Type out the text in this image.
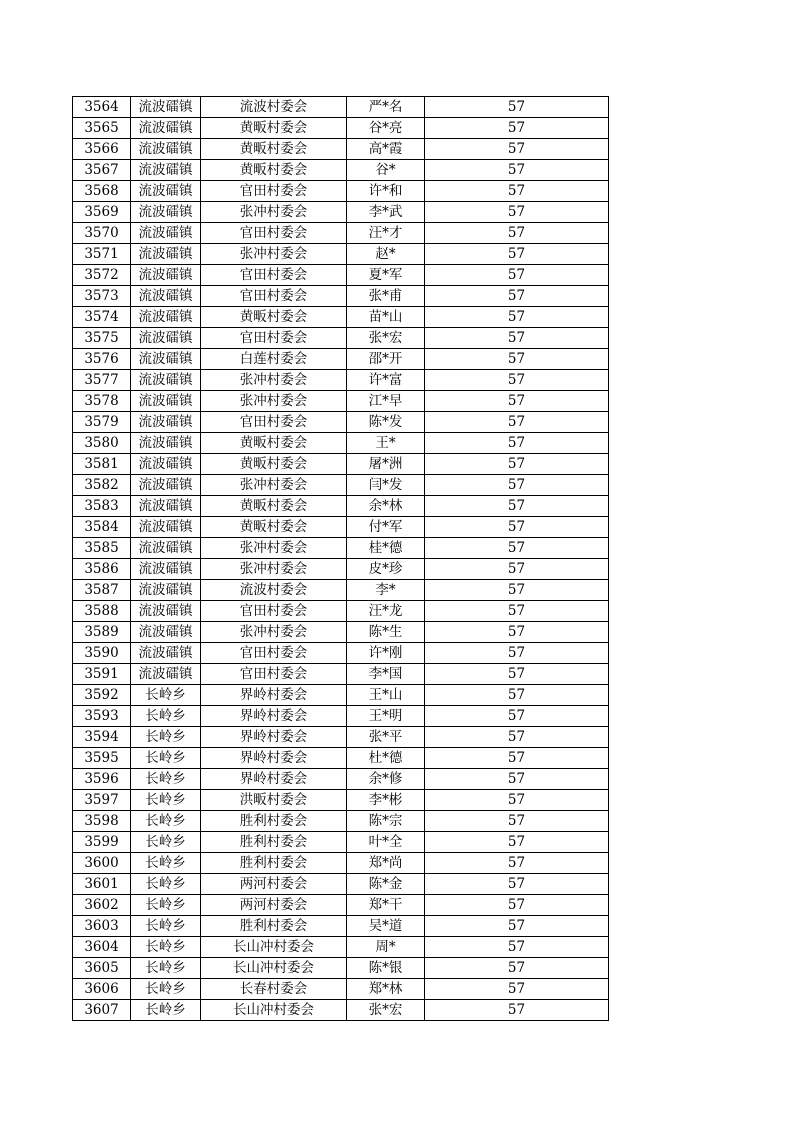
3564	流波礌镇	流波村委会	严*名	57
3565	流波礌镇	黄畈村委会	谷*亮	57
3566	流波礌镇	黄畈村委会	高*霞	57
3567	流波礌镇	黄畈村委会	谷*	57
3568	流波礌镇	官田村委会	许*和	57
3569	流波礌镇	张冲村委会	李*武	57
3570	流波礌镇	官田村委会	汪*才	57
3571	流波礌镇	张冲村委会	赵*	57
3572	流波礌镇	官田村委会	夏*军	57
3573	流波礌镇	官田村委会	张*甫	57
3574	流波礌镇	黄畈村委会	苗*山	57
3575	流波礌镇	官田村委会	张*宏	57
3576	流波礌镇	白莲村委会	邵*开	57
3577	流波礌镇	张冲村委会	许*富	57
3578	流波礌镇	张冲村委会	江*早	57
3579	流波礌镇	官田村委会	陈*发	57
3580	流波礌镇	黄畈村委会	王*	57
3581	流波礌镇	黄畈村委会	屠*洲	57
3582	流波礌镇	张冲村委会	闫*发	57
3583	流波礌镇	黄畈村委会	余*林	57
3584	流波礌镇	黄畈村委会	付*军	57
3585	流波礌镇	张冲村委会	桂*德	57
3586	流波礌镇	张冲村委会	皮*珍	57
3587	流波礌镇	流波村委会	李*	57
3588	流波礌镇	官田村委会	汪*龙	57
3589	流波礌镇	张冲村委会	陈*生	57
3590	流波礌镇	官田村委会	许*刚	57
3591	流波礌镇	官田村委会	李*国	57
3592	长岭乡	界岭村委会	王*山	57
3593	长岭乡	界岭村委会	王*明	57
3594	长岭乡	界岭村委会	张*平	57
3595	长岭乡	界岭村委会	杜*德	57
3596	长岭乡	界岭村委会	余*修	57
3597	长岭乡	洪畈村委会	李*彬	57
3598	长岭乡	胜利村委会	陈*宗	57
3599	长岭乡	胜利村委会	叶*全	57
3600	长岭乡	胜利村委会	郑*尚	57
3601	长岭乡	两河村委会	陈*金	57
3602	长岭乡	两河村委会	郑*干	57
3603	长岭乡	胜利村委会	吴*道	57
3604	长岭乡	长山冲村委会	周*	57
3605	长岭乡	长山冲村委会	陈*银	57
3606	长岭乡	长春村委会	郑*林	57
3607	长岭乡	长山冲村委会	张*宏	57
